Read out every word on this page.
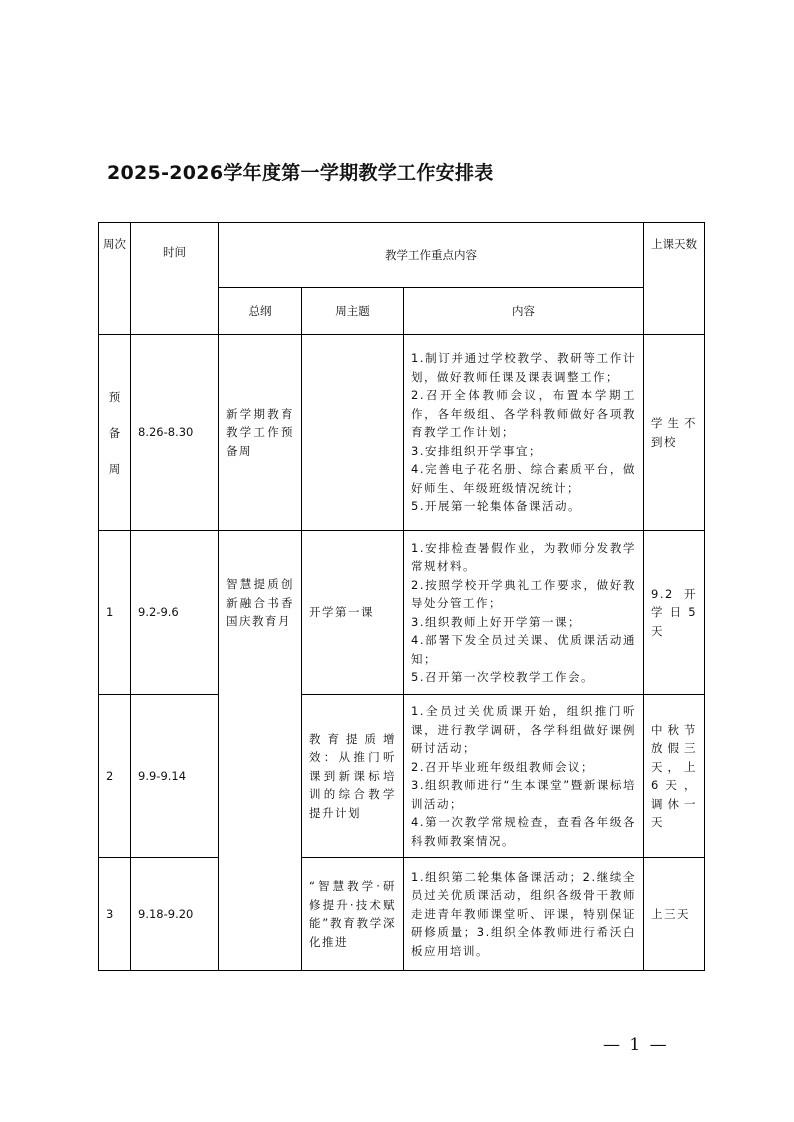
2025-2026学年度第一学期教学工作安排表
周次	时间	教学工作重点内容			上课天数
		总纲	周主题	内容	
预备周	8.26-8.30	新学期教育教学工作预备周		1.制订并通过学校教学、教研等工作计划，做好教师任课及课表调整工作；
2.召开全体教师会议，布置本学期工作，各年级组、各学科教师做好各项教育教学工作计划；
3.安排组织开学事宜；
4.完善电子花名册、综合素质平台，做好师生、年级班级情况统计；
5.开展第一轮集体备课活动。	学生不到校
1	9.2-9.6	智慧提质创新融合书香国庆教育月	开学第一课	1.安排检查暑假作业，为教师分发教学常规材料。
2.按照学校开学典礼工作要求，做好教导处分管工作；
3.组织教师上好开学第一课；
4.部署下发全员过关课、优质课活动通知；
5.召开第一次学校教学工作会。	9.2 开学日5天
2	9.9-9.14		教育提质增效：从推门听课到新课标培训的综合教学提升计划	1.全员过关优质课开始，组织推门听课，进行教学调研，各学科组做好课例研讨活动；
2.召开毕业班年级组教师会议；
3.组织教师进行“生本课堂”暨新课标培训活动；
4.第一次教学常规检查，查看各年级各科教师教案情况。	中秋节放假三天，上6天，调休一天
3	9.18-9.20		“智慧教学·研修提升·技术赋能”教育教学深化推进	1.组织第二轮集体备课活动；2.继续全员过关优质课活动，组织各级骨干教师走进青年教师课堂听、评课，特别保证研修质量；3.组织全体教师进行希沃白板应用培训。	上三天
— 1 —
